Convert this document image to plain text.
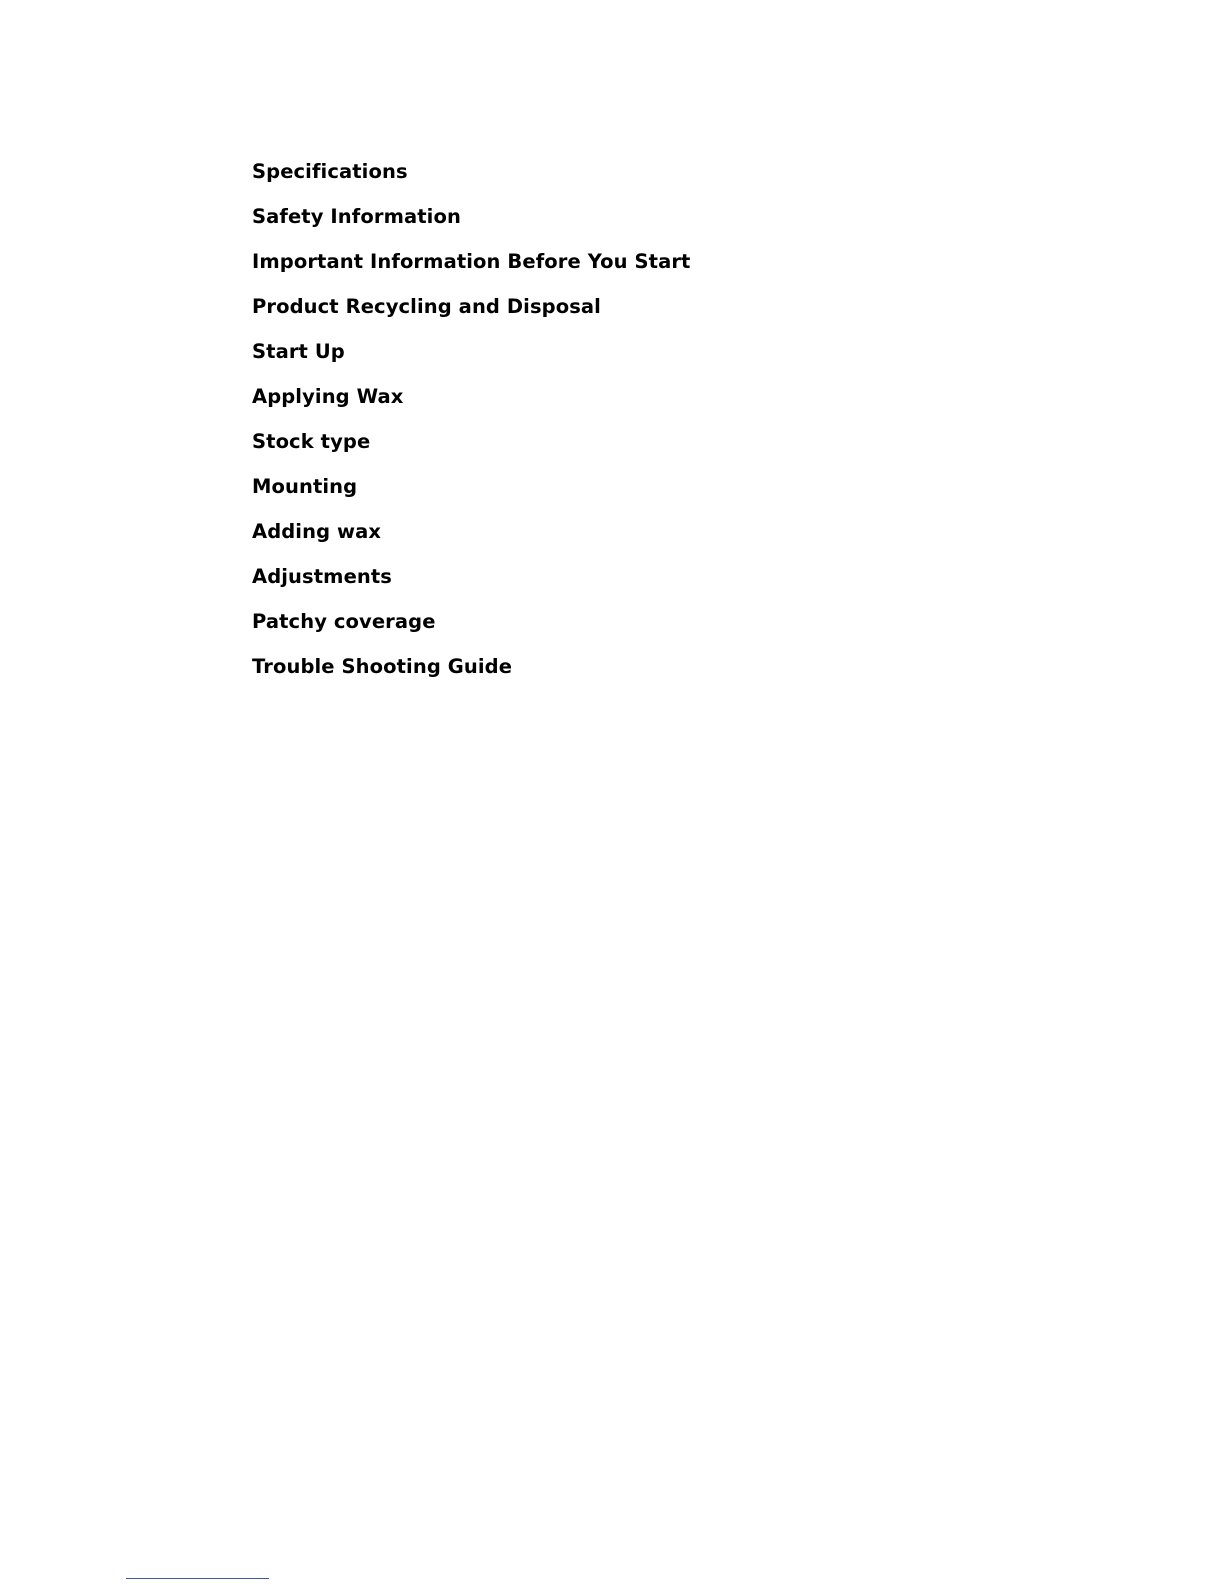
Specifications
Safety Information
Important Information Before You Start
Product Recycling and Disposal
Start Up
Applying Wax
Stock type
Mounting
Adding wax
Adjustments
Patchy coverage
Trouble Shooting Guide
